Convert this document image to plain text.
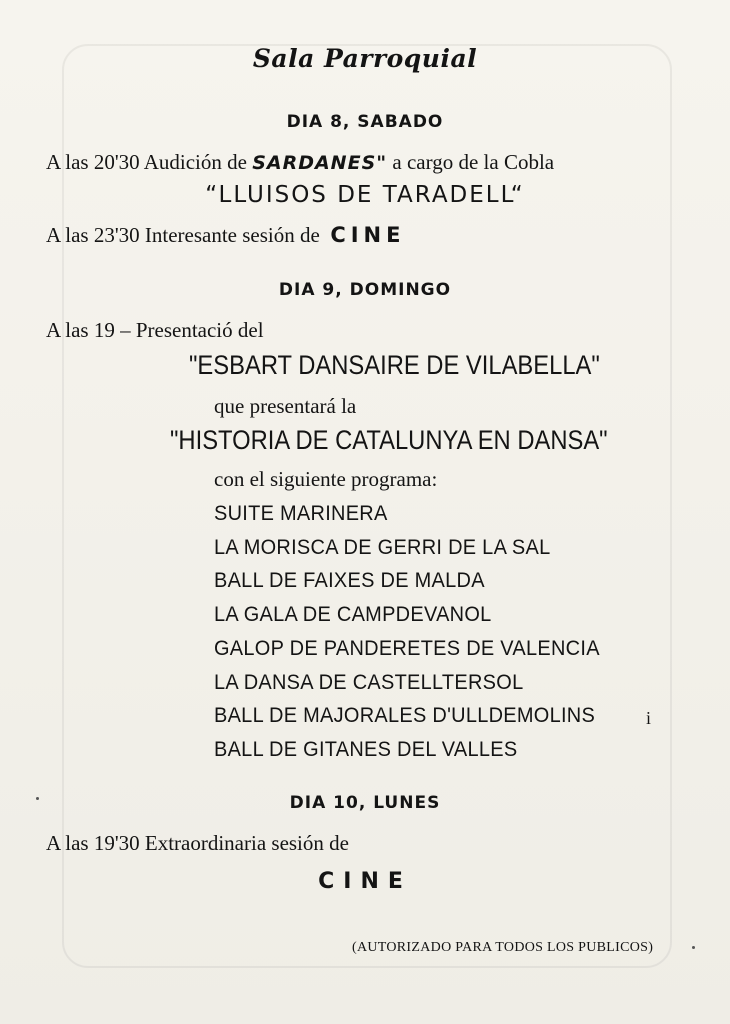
Sala Parroquial
DIA 8, SABADO
A las 20'30 Audición de SARDANES" a cargo de la Cobla
“LLUISOS DE TARADELL“
A las 23'30 Interesante sesión de CINE
DIA 9, DOMINGO
A las 19 – Presentació del
"ESBART DANSAIRE DE VILABELLA"
que presentará la
"HISTORIA DE CATALUNYA EN DANSA"
con el siguiente programa:
SUITE MARINERA
LA MORISCA DE GERRI DE LA SAL
BALL DE FAIXES DE MALDA
LA GALA DE CAMPDEVANOL
GALOP DE PANDERETES DE VALENCIA
LA DANSA DE CASTELLTERSOL
BALL DE MAJORALES D'ULLDEMOLINS
BALL DE GITANES DEL VALLES
i
DIA 10, LUNES
A las 19'30 Extraordinaria sesión de
CINE
(AUTORIZADO PARA TODOS LOS PUBLICOS)
